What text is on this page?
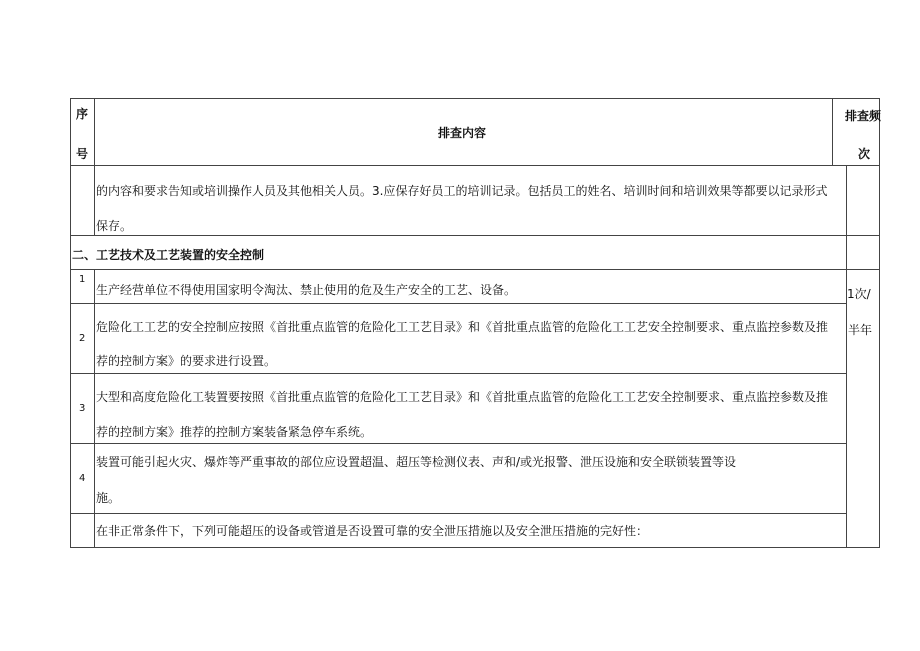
序
号
排查内容
排查频
次
的内容和要求告知或培训操作人员及其他相关人员。3.应保存好员工的培训记录。包括员工的姓名、培训时间和培训效果等都要以记录形式
保存。
二、工艺技术及工艺装置的安全控制
1次/
半年
1
生产经营单位不得使用国家明令淘汰、禁止使用的危及生产安全的工艺、设备。
2
危险化工工艺的安全控制应按照《首批重点监管的危险化工工艺目录》和《首批重点监管的危险化工工艺安全控制要求、重点监控参数及推
荐的控制方案》的要求进行设置。
3
大型和高度危险化工装置要按照《首批重点监管的危险化工工艺目录》和《首批重点监管的危险化工工艺安全控制要求、重点监控参数及推
荐的控制方案》推荐的控制方案装备紧急停车系统。
4
装置可能引起火灾、爆炸等严重事故的部位应设置超温、超压等检测仪表、声和/或光报警、泄压设施和安全联锁装置等设
施。
在非正常条件下，下列可能超压的设备或管道是否设置可靠的安全泄压措施以及安全泄压措施的完好性：
